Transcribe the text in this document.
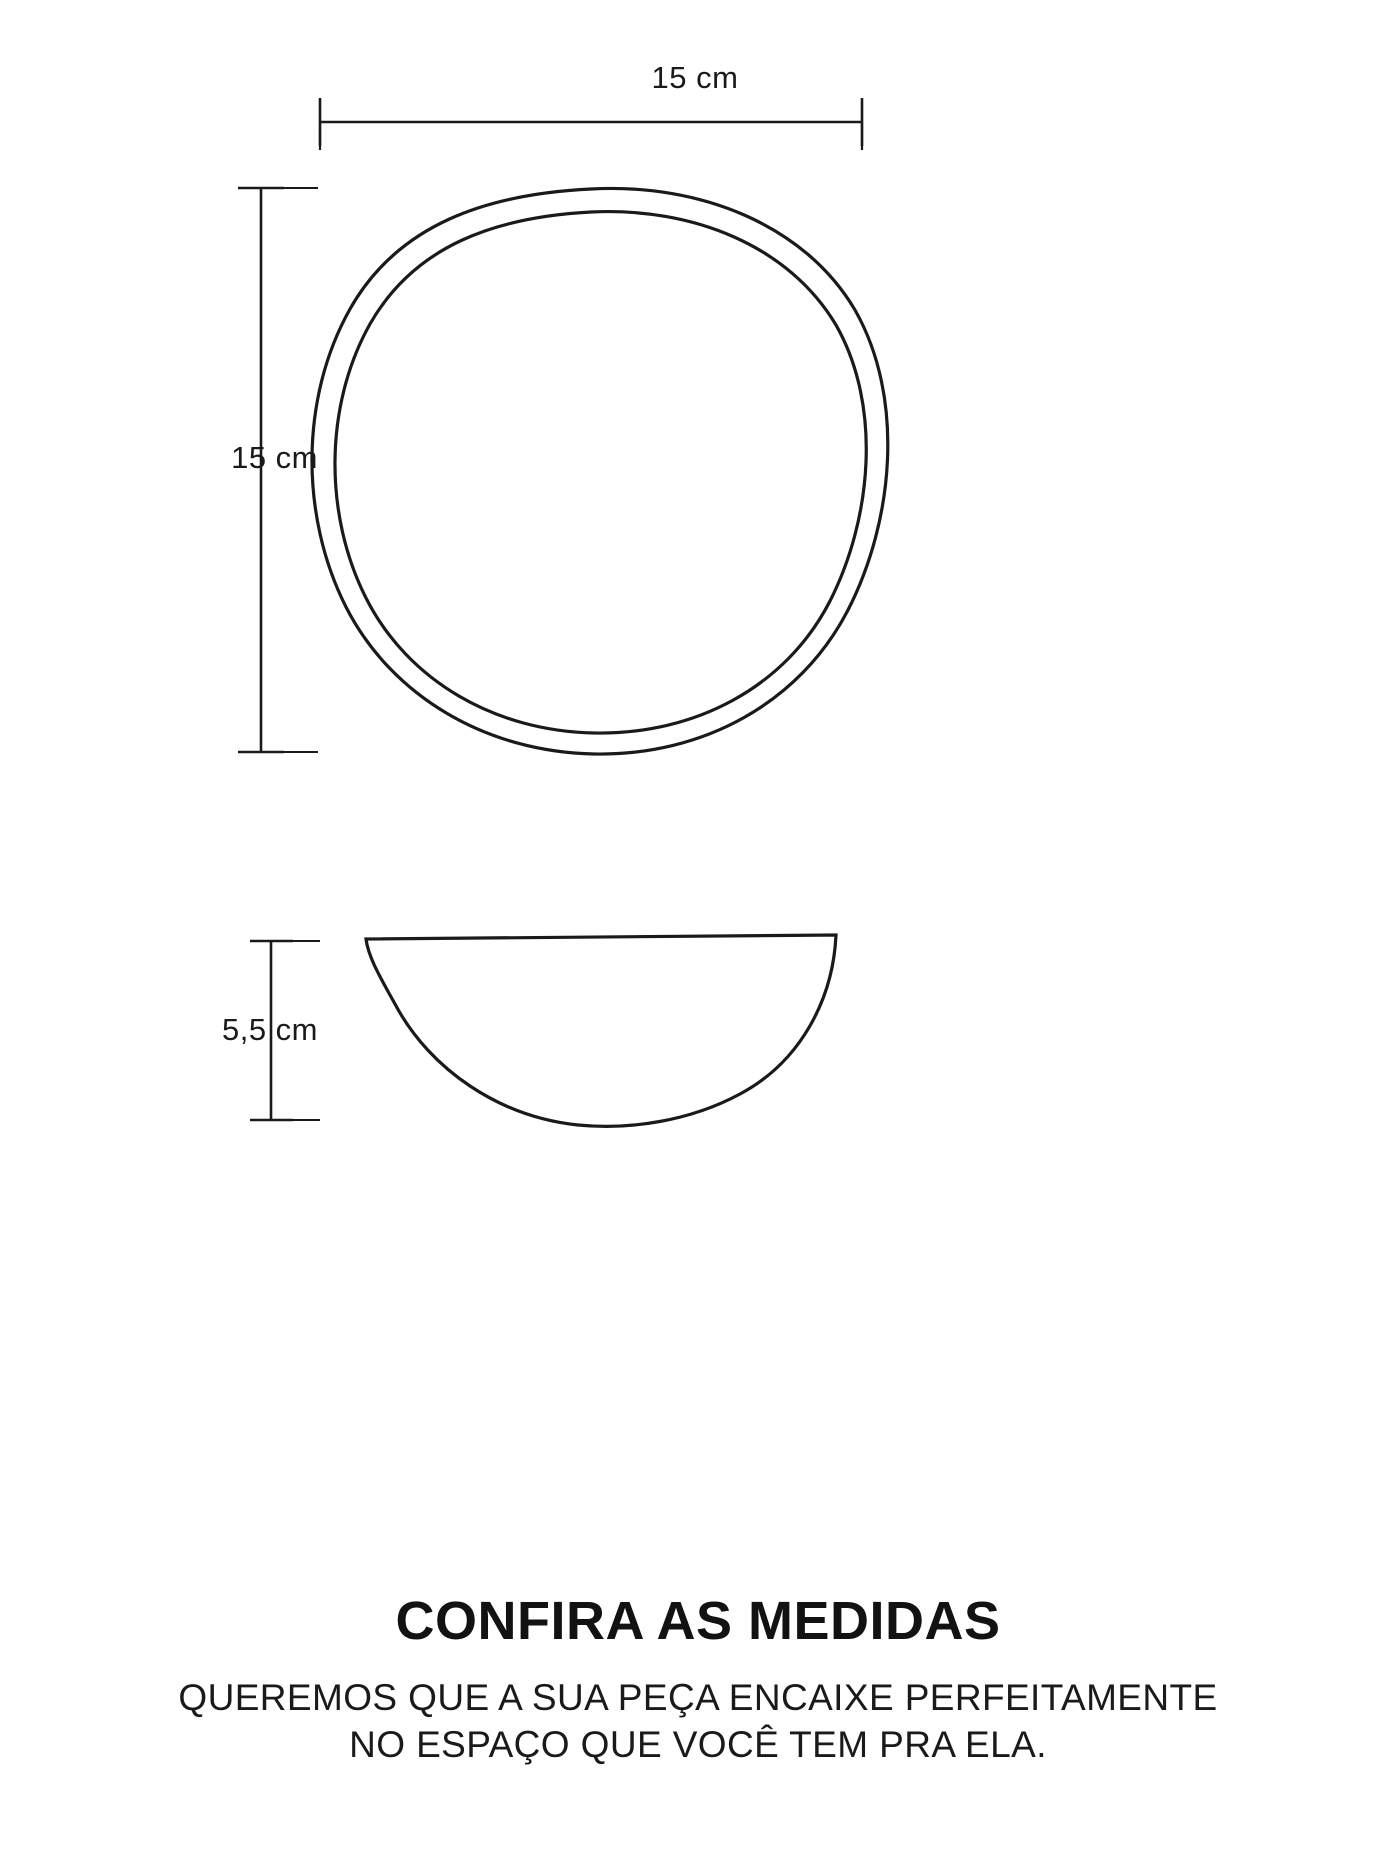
15 cm
15 cm
5,5 cm
CONFIRA AS MEDIDAS
QUEREMOS QUE A SUA PEÇA ENCAIXE PERFEITAMENTE
NO ESPAÇO QUE VOCÊ TEM PRA ELA.
